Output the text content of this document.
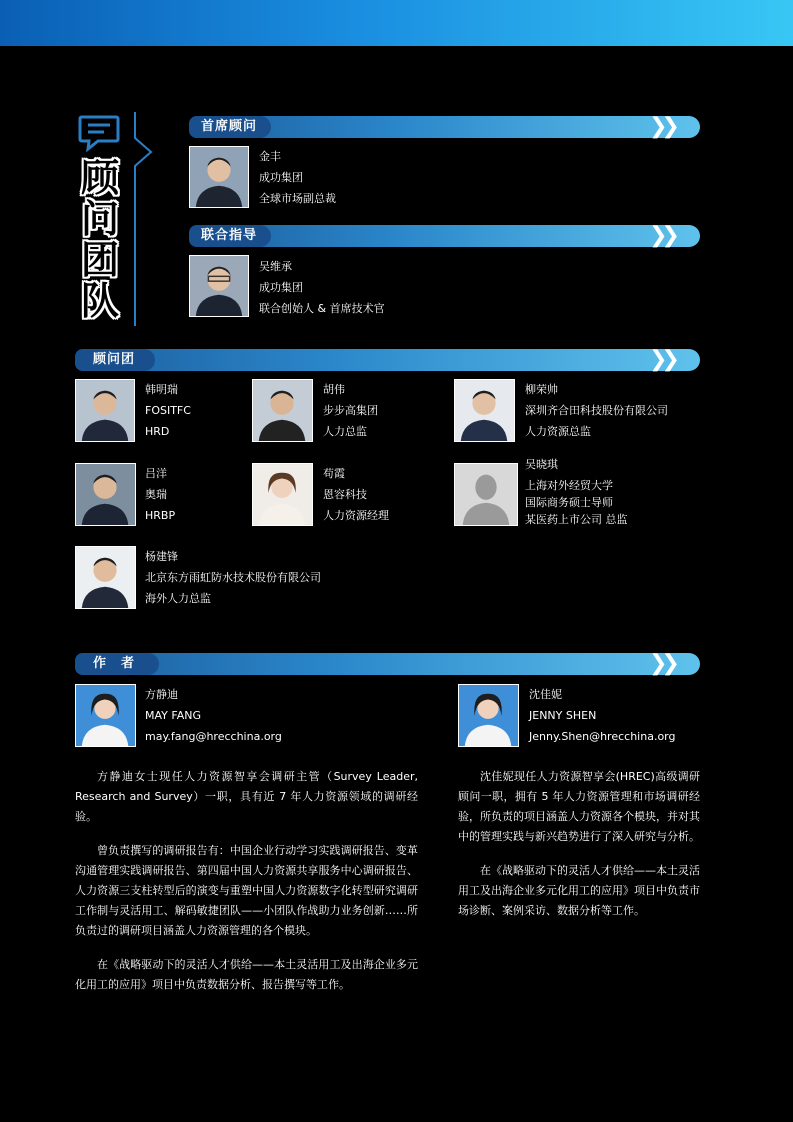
顾
问
团
队
首席顾问	❯❯
金丰
成功集团
全球市场副总裁
联合指导	❯❯
吴维承
成功集团
联合创始人 & 首席技术官
顾问团	❯❯
韩明瑞
FOSITFC
HRD
胡伟
步步高集团
人力总监
柳荣帅
深圳齐合田科技股份有限公司
人力资源总监
吕洋
奥瑞
HRBP
苟霞
恩容科技
人力资源经理
吴晓琪
上海对外经贸大学
国际商务硕士导师
某医药上市公司 总监
杨建锋
北京东方雨虹防水技术股份有限公司
海外人力总监
作　者	❯❯
方静迪
MAY FANG
may.fang@hrecchina.org
沈佳妮
JENNY SHEN
Jenny.Shen@hrecchina.org

方静迪女士现任人力资源智享会调研主管（Survey Leader, Research and Survey）一职，具有近 7 年人力资源领域的调研经验。

曾负责撰写的调研报告有：中国企业行动学习实践调研报告、变革沟通管理实践调研报告、第四届中国人力资源共享服务中心调研报告、人力资源三支柱转型后的演变与重塑中国人力资源数字化转型研究调研工作制与灵活用工、解码敏捷团队——小团队作战助力业务创新……所负责过的调研项目涵盖人力资源管理的各个模块。

在《战略驱动下的灵活人才供给——本土灵活用工及出海企业多元化用工的应用》项目中负责数据分析、报告撰写等工作。

沈佳妮现任人力资源智享会(HREC)高级调研顾问一职，拥有 5 年人力资源管理和市场调研经验，所负责的项目涵盖人力资源各个模块，并对其中的管理实践与新兴趋势进行了深入研究与分析。

在《战略驱动下的灵活人才供给——本土灵活用工及出海企业多元化用工的应用》项目中负责市场诊断、案例采访、数据分析等工作。
